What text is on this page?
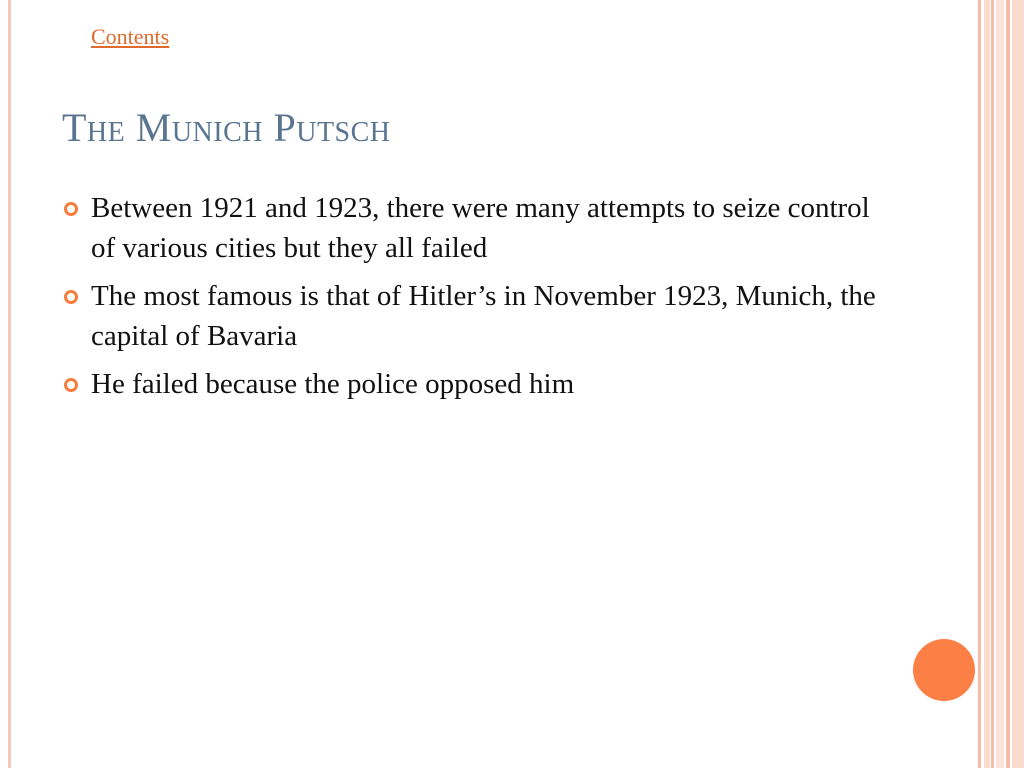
Contents
The Munich Putsch
Between 1921 and 1923, there were many attempts to seize control of various cities but they all failed
The most famous is that of Hitler’s in November 1923, Munich, the capital of Bavaria
He failed because the police opposed him
